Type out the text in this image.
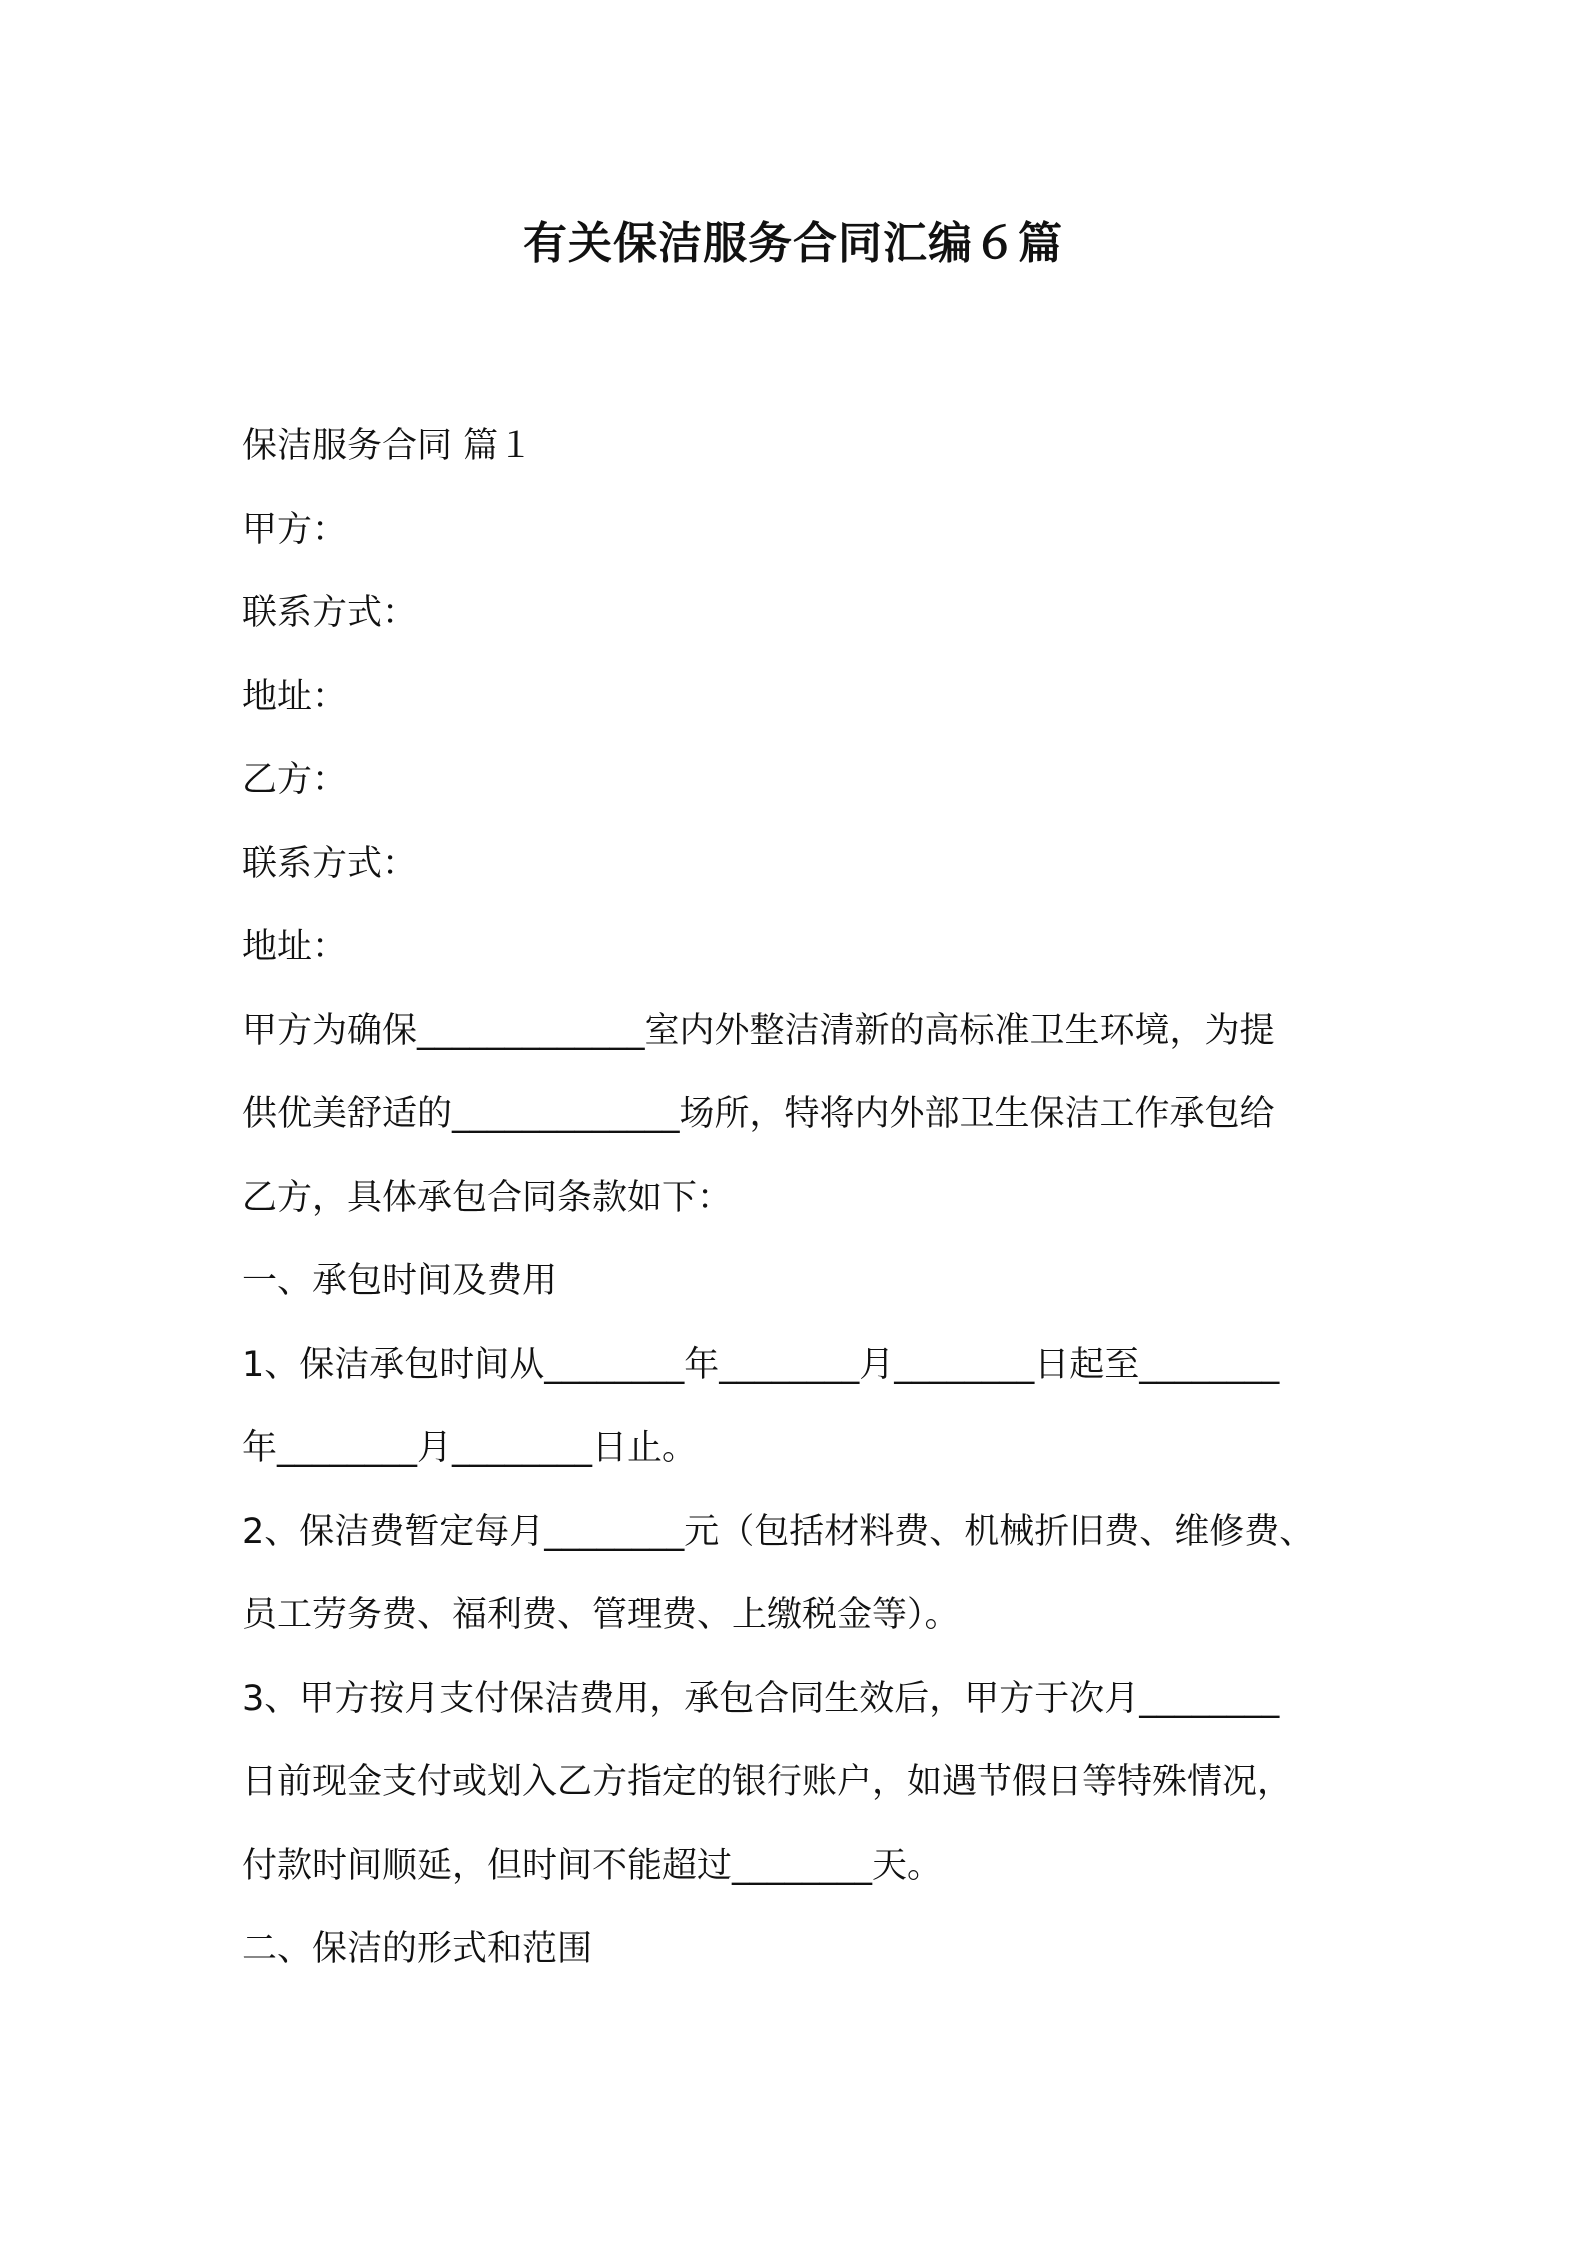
有关保洁服务合同汇编６篇

保洁服务合同 篇１

甲方：

联系方式：

地址：

乙方：

联系方式：

地址：

甲方为确保_____________室内外整洁清新的高标准卫生环境，为提

供优美舒适的_____________场所，特将内外部卫生保洁工作承包给

乙方，具体承包合同条款如下：

一、承包时间及费用

1、保洁承包时间从________年________月________日起至________

年________月________日止。

2、保洁费暂定每月________元（包括材料费、机械折旧费、维修费、

员工劳务费、福利费、管理费、上缴税金等）。

3、甲方按月支付保洁费用，承包合同生效后，甲方于次月________

日前现金支付或划入乙方指定的银行账户，如遇节假日等特殊情况，

付款时间顺延，但时间不能超过________天。

二、保洁的形式和范围
